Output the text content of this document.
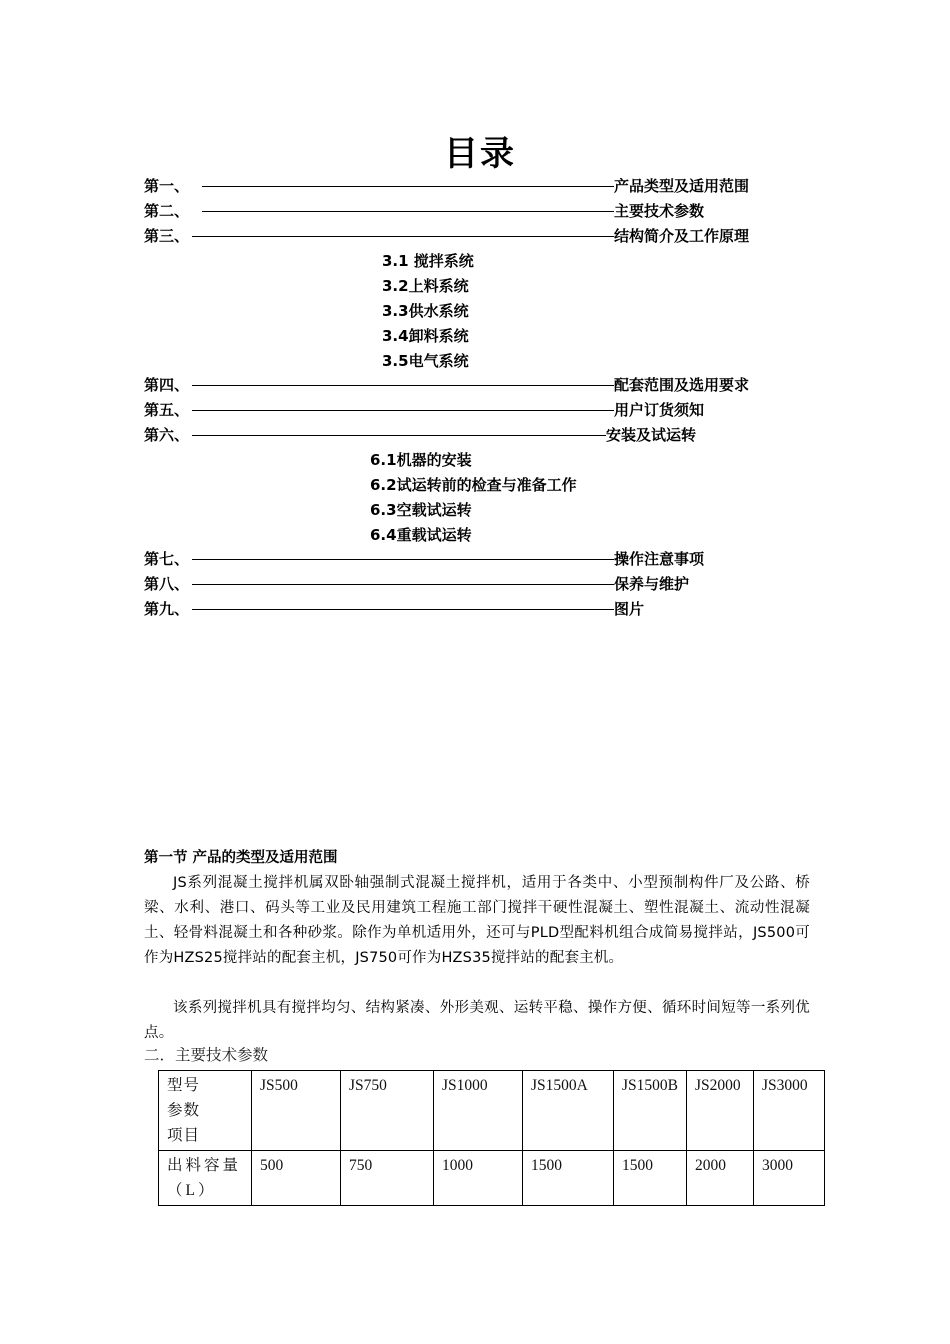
目录
第一、	产品类型及适用范围
第二、	主要技术参数
第三、	结构简介及工作原理
3.1 搅拌系统
3.2上料系统
3.3供水系统
3.4卸料系统
3.5电气系统
第四、	配套范围及选用要求
第五、	用户订货须知
第六、	安装及试运转
6.1机器的安装
6.2试运转前的检查与准备工作
6.3空载试运转
6.4重载试运转
第七、	操作注意事项
第八、	保养与维护
第九、	图片
第一节 产品的类型及适用范围
JS系列混凝土搅拌机属双卧轴强制式混凝土搅拌机，适用于各类中、小型预制构件厂及公路、桥梁、水利、港口、码头等工业及民用建筑工程施工部门搅拌干硬性混凝土、塑性混凝土、流动性混凝土、轻骨料混凝土和各种砂浆。除作为单机适用外，还可与PLD型配料机组合成简易搅拌站，JS500可作为HZS25搅拌站的配套主机，JS750可作为HZS35搅拌站的配套主机。
该系列搅拌机具有搅拌均匀、结构紧凑、外形美观、运转平稳、操作方便、循环时间短等一系列优点。
二．主要技术参数
型号
参数
项目	JS500	JS750	JS1000	JS1500A	JS1500B	JS2000	JS3000
出料容量（L）	500	750	1000	1500	1500	2000	3000
